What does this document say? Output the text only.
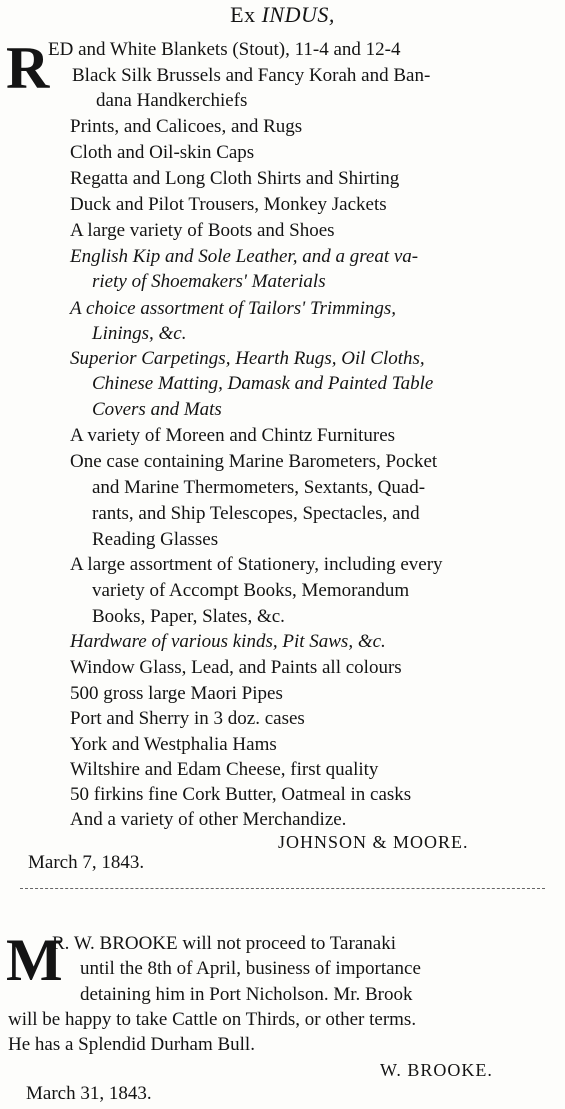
Ex INDUS,
R
ED and White Blankets (Stout), 11-4 and 12-4
Black Silk Brussels and Fancy Korah and Ban-
dana Handkerchiefs
Prints, and Calicoes, and Rugs
Cloth and Oil-skin Caps
Regatta and Long Cloth Shirts and Shirting
Duck and Pilot Trousers, Monkey Jackets
A large variety of Boots and Shoes
English Kip and Sole Leather, and a great va-
riety of Shoemakers' Materials
A choice assortment of Tailors' Trimmings,
Linings, &c.
Superior Carpetings, Hearth Rugs, Oil Cloths,
Chinese Matting, Damask and Painted Table
Covers and Mats
A variety of Moreen and Chintz Furnitures
One case containing Marine Barometers, Pocket
and Marine Thermometers, Sextants, Quad-
rants, and Ship Telescopes, Spectacles, and
Reading Glasses
A large assortment of Stationery, including every
variety of Accompt Books, Memorandum
Books, Paper, Slates, &c.
Hardware of various kinds, Pit Saws, &c.
Window Glass, Lead, and Paints all colours
500 gross large Maori Pipes
Port and Sherry in 3 doz. cases
York and Westphalia Hams
Wiltshire and Edam Cheese, first quality
50 firkins fine Cork Butter, Oatmeal in casks
And a variety of other Merchandize.
JOHNSON & MOORE.
March 7, 1843.
M
R. W. BROOKE will not proceed to Taranaki
until the 8th of April, business of importance
detaining him in Port Nicholson. Mr. Brook
will be happy to take Cattle on Thirds, or other terms.
He has a Splendid Durham Bull.
W. BROOKE.
March 31, 1843.
